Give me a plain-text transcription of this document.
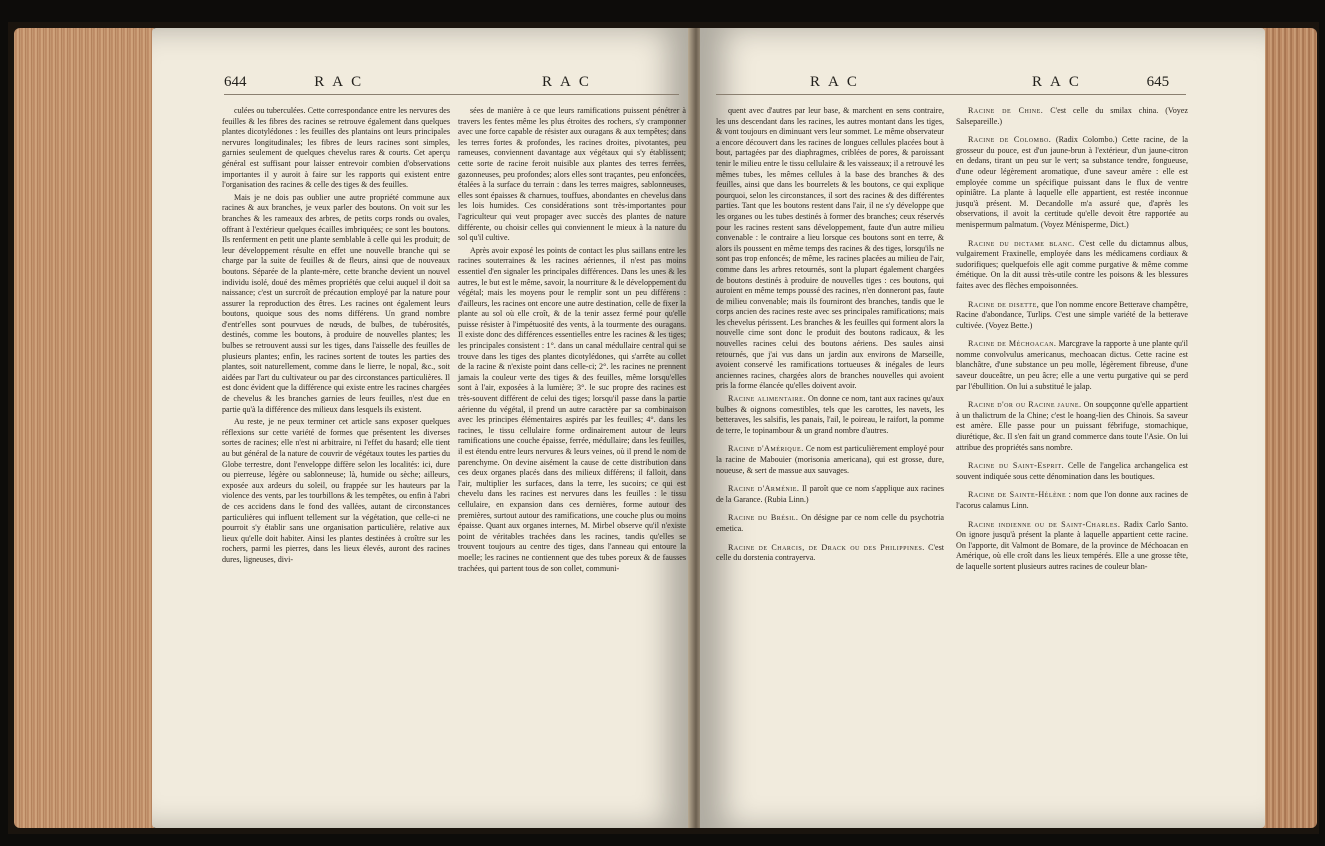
644	RAC	RAC

culées ou tuberculées. Cette correspondance entre les nervures des feuilles & les fibres des racines se retrouve également dans quelques plantes dicotylédones : les feuilles des plantains ont leurs principales nervures longitudinales; les fibres de leurs racines sont simples, garnies seulement de quelques chevelus rares & courts. Cet aperçu général est suffisant pour laisser entrevoir combien d'observations importantes il y auroit à faire sur les rapports qui existent entre l'organisation des racines & celle des tiges & des feuilles.

Mais je ne dois pas oublier une autre propriété commune aux racines & aux branches, je veux parler des boutons. On voit sur les branches & les rameaux des arbres, de petits corps ronds ou ovales, offrant à l'extérieur quelques écailles imbriquées; ce sont les boutons. Ils renferment en petit une plante semblable à celle qui les produit; de leur développement résulte en effet une nouvelle branche qui se charge par la suite de feuilles & de fleurs, ainsi que de nouveaux boutons. Séparée de la plante-mère, cette branche devient un nouvel individu isolé, doué des mêmes propriétés que celui auquel il doit sa naissance; c'est un surcroît de précaution employé par la nature pour assurer la reproduction des êtres. Les racines ont également leurs boutons, quoique sous des noms différens. Un grand nombre d'entr'elles sont pourvues de nœuds, de bulbes, de tubérosités, destinés, comme les boutons, à produire de nouvelles plantes; les bulbes se retrouvent aussi sur les tiges, dans l'aisselle des feuilles de plusieurs plantes; enfin, les racines sortent de toutes les parties des plantes, soit naturellement, comme dans le lierre, le nopal, &c., soit aidées par l'art du cultivateur ou par des circonstances particulières. Il est donc évident que la différence qui existe entre les racines chargées de chevelus & les branches garnies de leurs feuilles, n'est due en partie qu'à la différence des milieux dans lesquels ils existent.

Au reste, je ne peux terminer cet article sans exposer quelques réflexions sur cette variété de formes que présentent les diverses sortes de racines; elle n'est ni arbitraire, ni l'effet du hasard; elle tient au but général de la nature de couvrir de végétaux toutes les parties du Globe terrestre, dont l'enveloppe diffère selon les localités: ici, dure ou pierreuse, légère ou sablonneuse; là, humide ou sèche; ailleurs, exposée aux ardeurs du soleil, ou frappée sur les hauteurs par la violence des vents, par les tourbillons & les tempêtes, ou enfin à l'abri de ces accidens dans le fond des vallées, autant de circonstances particulières qui influent tellement sur la végétation, que celle-ci ne pourroit s'y établir sans une organisation particulière, relative aux lieux qu'elle doit habiter. Ainsi les plantes destinées à croître sur les rochers, parmi les pierres, dans les lieux élevés, auront des racines dures, ligneuses, divi-

sées de manière à ce que leurs ramifications puissent pénétrer à travers les fentes même les plus étroites des rochers, s'y cramponner avec une force capable de résister aux ouragans & aux tempêtes; dans les terres fortes & profondes, les racines droites, pivotantes, peu rameuses, conviennent davantage aux végétaux qui s'y établissent; cette sorte de racine feroit nuisible aux plantes des terres ferrées, gazonneuses, peu profondes; alors elles sont traçantes, peu enfoncées, étalées à la surface du terrain : dans les terres maigres, sablonneuses, elles sont épaisses & charnues, touffues, abondantes en chevelus dans les lois humides. Ces considérations sont très-importantes pour l'agriculteur qui veut propager avec succès des plantes de nature différente, ou choisir celles qui conviennent le mieux à la nature du sol qu'il cultive.

Après avoir exposé les points de contact les plus saillans entre les racines souterraines & les racines aériennes, il n'est pas moins essentiel d'en signaler les principales différences. Dans les unes & les autres, le but est le même, savoir, la nourriture & le développement du végétal; mais les moyens pour le remplir sont un peu différens : d'ailleurs, les racines ont encore une autre destination, celle de fixer la plante au sol où elle croît, & de la tenir assez fermé pour qu'elle puisse résister à l'impétuosité des vents, à la tourmente des ouragans. Il existe donc des différences essentielles entre les racines & les tiges; les principales consistent : 1°. dans un canal médullaire central qui se trouve dans les tiges des plantes dicotylédones, qui s'arrête au collet de la racine & n'existe point dans celle-ci; 2°. les racines ne prennent jamais la couleur verte des tiges & des feuilles, même lorsqu'elles sont à l'air, exposées à la lumière; 3°. le suc propre des racines est très-souvent différent de celui des tiges; lorsqu'il passe dans la partie aérienne du végétal, il prend un autre caractère par sa combinaison avec les principes élémentaires aspirés par les feuilles; 4°. dans les racines, le tissu cellulaire forme ordinairement autour de leurs ramifications une couche épaisse, ferrée, médullaire; dans les feuilles, il est étendu entre leurs nervures & leurs veines, où il prend le nom de parenchyme. On devine aisément la cause de cette distribution dans ces deux organes placés dans des milieux différens; il falloit, dans l'air, multiplier les surfaces, dans la terre, les sucoirs; ce qui est chevelu dans les racines est nervures dans les feuilles : le tissu cellulaire, en expansion dans ces dernières, forme autour des premières, surtout autour des ramifications, une couche plus ou moins épaisse. Quant aux organes internes, M. Mirbel observe qu'il n'existe point de véritables trachées dans les racines, tandis qu'elles se trouvent toujours au centre des tiges, dans l'anneau qui entoure la moelle; les racines ne contiennent que des tubes poreux & de fausses trachées, qui partent tous de son collet, communi-

RAC	RAC	645

quent avec d'autres par leur base, & marchent en sens contraire, les uns descendant dans les racines, les autres montant dans les tiges, & vont toujours en diminuant vers leur sommet. Le même observateur a encore découvert dans les racines de longues cellules placées bout à bout, partagées par des diaphragmes, criblées de pores, & paroissant tenir le milieu entre le tissu cellulaire & les vaisseaux; il a retrouvé les mêmes tubes, les mêmes cellules à la base des branches & des feuilles, ainsi que dans les bourrelets & les boutons, ce qui explique pourquoi, selon les circonstances, il sort des racines & des différentes parties. Tant que les boutons restent dans l'air, il ne s'y développe que les organes ou les tubes destinés à former des branches; ceux réservés pour les racines restent sans développement, faute d'un autre milieu convenable : le contraire a lieu lorsque ces boutons sont en terre, & alors ils poussent en même temps des racines & des tiges, lorsqu'ils ne sont pas trop enfoncés; de même, les racines placées au milieu de l'air, comme dans les arbres retournés, sont la plupart également chargées de boutons destinés à produire de nouvelles tiges : ces boutons, qui auroient en même temps poussé des racines, n'en donneront pas, faute de milieu convenable; mais ils fourniront des branches, tandis que le corps ancien des racines reste avec ses principales ramifications; mais les chevelus périssent. Les branches & les feuilles qui forment alors la nouvelle cime sont donc le produit des boutons radicaux, & les nouvelles racines celui des boutons aériens. Des saules ainsi retournés, que j'ai vus dans un jardin aux environs de Marseille, avoient conservé les ramifications tortueuses & inégales de leurs anciennes racines, chargées alors de branches nouvelles qui avoient pris la forme élancée qu'elles doivent avoir.

Racine alimentaire. On donne ce nom, tant aux racines qu'aux bulbes & oignons comestibles, tels que les carottes, les navets, les betteraves, les salsifis, les panais, l'ail, le poireau, le raifort, la pomme de terre, le topinambour & un grand nombre d'autres.

Racine d'Amérique. Ce nom est particulièrement employé pour la racine de Mabouier (morisonia americana), qui est grosse, dure, noueuse, & sert de massue aux sauvages.

Racine d'Arménie. Il paroît que ce nom s'applique aux racines de la Garance. (Rubia Linn.)

Racine du Brésil. On désigne par ce nom celle du psychotria emetica.

Racine de Charcis, de Drack ou des Philippines. C'est celle du dorstenia contrayerva.

Racine de Chine. C'est celle du smilax china. (Voyez Salsepareille.)

Racine de Colombo. (Radix Colombo.) Cette racine, de la grosseur du pouce, est d'un jaune-brun à l'extérieur, d'un jaune-citron en dedans, tirant un peu sur le vert; sa substance tendre, fongueuse, d'une odeur légèrement aromatique, d'une saveur amère : elle est employée comme un spécifique puissant dans le flux de ventre opiniâtre. La plante à laquelle elle appartient, est restée inconnue jusqu'à présent. M. Decandolle m'a assuré que, d'après les observations, il avoit la certitude qu'elle devoit être rapportée au menispermum palmatum. (Voyez Ménisperme, Dict.)

Racine du dictame blanc. C'est celle du dictamnus albus, vulgairement Fraxinelle, employée dans les médicamens cordiaux & sudorifiques; quelquefois elle agit comme purgative & même comme émétique. On la dit aussi très-utile contre les poisons & les blessures faites avec des flèches empoisonnées.

Racine de disette, que l'on nomme encore Betterave champêtre, Racine d'abondance, Turlips. C'est une simple variété de la betterave cultivée. (Voyez Bette.)

Racine de Méchoacan. Marcgrave la rapporte à une plante qu'il nomme convolvulus americanus, mechoacan dictus. Cette racine est blanchâtre, d'une substance un peu molle, légèrement fibreuse, d'une saveur douceâtre, un peu âcre; elle a une vertu purgative qui se perd par l'ébullition. On lui a substitué le jalap.

Racine d'or ou Racine jaune. On soupçonne qu'elle appartient à un thalictrum de la Chine; c'est le hoang-lien des Chinois. Sa saveur est amère. Elle passe pour un puissant fébrifuge, stomachique, diurétique, &c. Il s'en fait un grand commerce dans toute l'Asie. On lui attribue des propriétés sans nombre.

Racine du Saint-Esprit. Celle de l'angelica archangelica est souvent indiquée sous cette dénomination dans les boutiques.

Racine de Sainte-Hélène : nom que l'on donne aux racines de l'acorus calamus Linn.

Racine indienne ou de Saint-Charles. Radix Carlo Santo. On ignore jusqu'à présent la plante à laquelle appartient cette racine. On l'apporte, dit Valmont de Bomare, de la province de Méchoacan en Amérique, où elle croît dans les lieux tempérés. Elle a une grosse tête, de laquelle sortent plusieurs autres racines de couleur blan-
